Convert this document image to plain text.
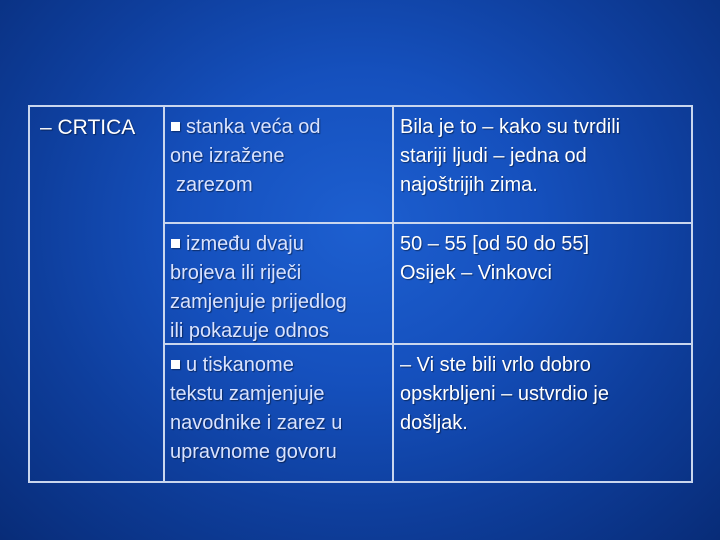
– CRTICA	stanka veća od
one izražene
zarezom
Bila je to – kako su tvrdili
stariji ljudi – jedna od
najoštrijih zima.
između dvaju
brojeva ili riječi
zamjenjuje prijedlog
ili pokazuje odnos
50 – 55 [od 50 do 55]
Osijek – Vinkovci
u tiskanome
tekstu zamjenjuje
navodnike i zarez u
upravnome govoru
– Vi ste bili vrlo dobro
opskrbljeni – ustvrdio je
došljak.
